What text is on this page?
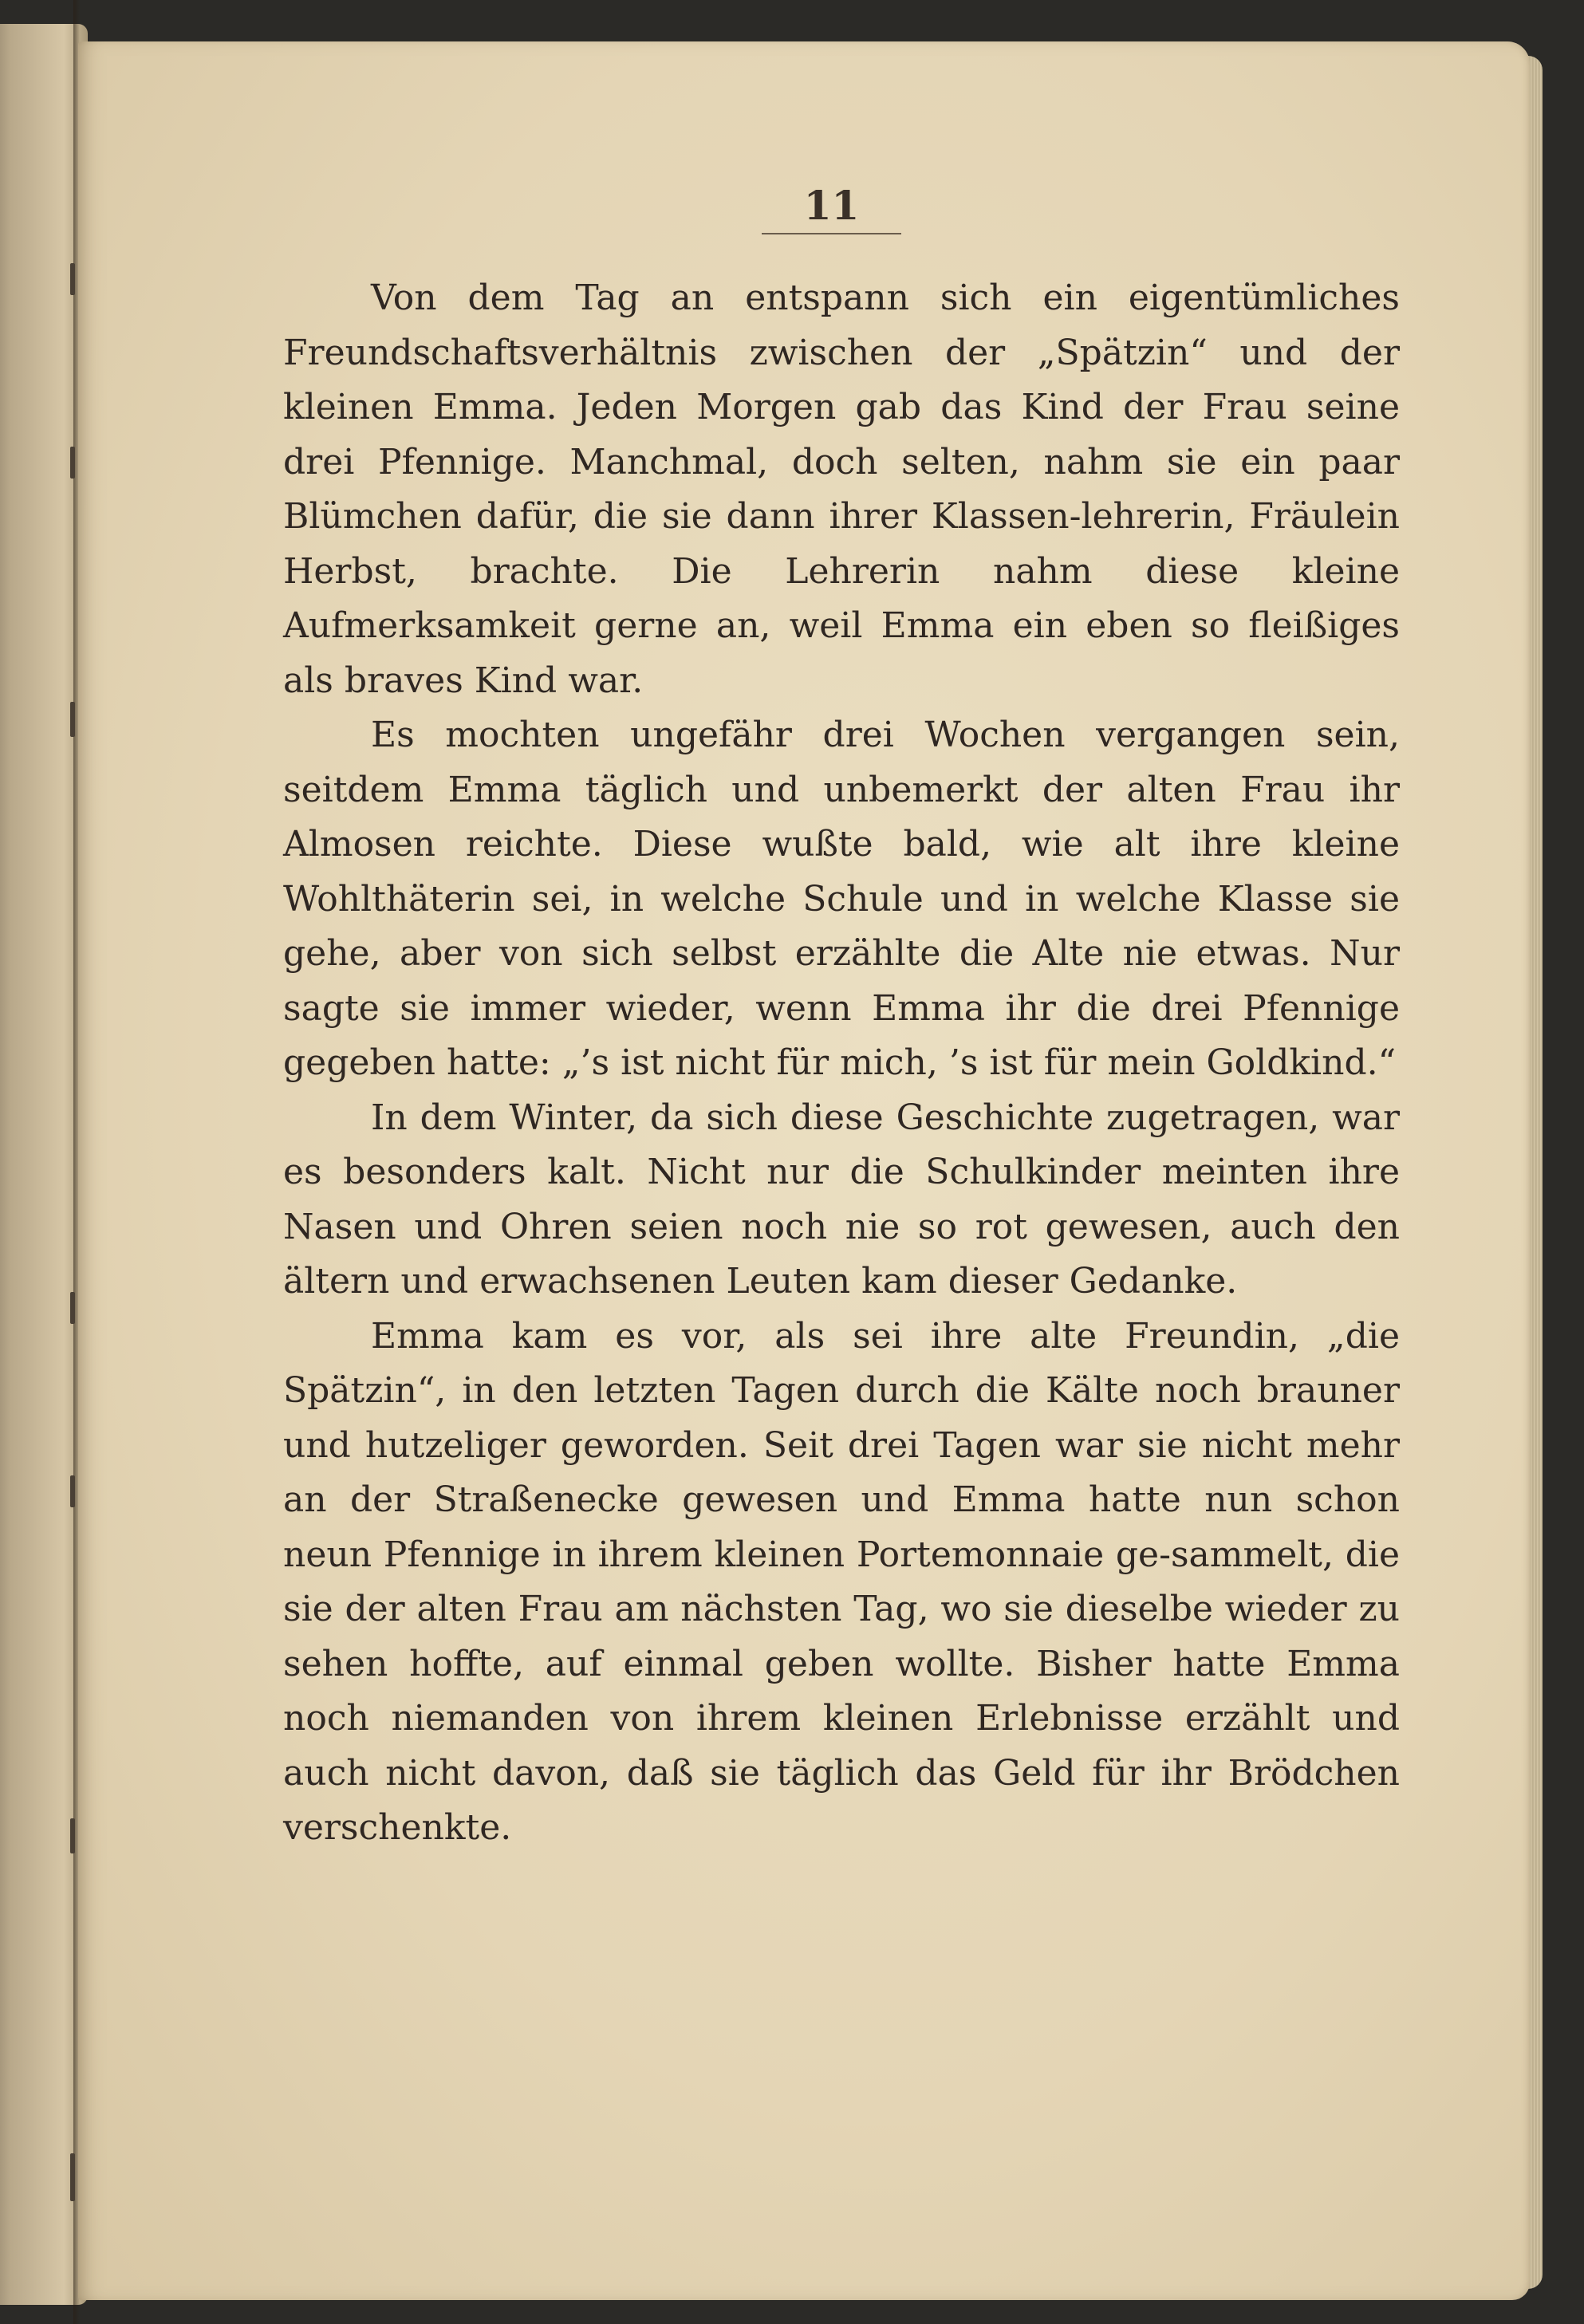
11

Von dem Tag an entspann sich ein eigentümliches Freundschaftsverhältnis zwischen der „Spätzin“ und der kleinen Emma. Jeden Morgen gab das Kind der Frau seine drei Pfennige. Manchmal, doch selten, nahm sie ein paar Blümchen dafür, die sie dann ihrer Klassen-lehrerin, Fräulein Herbst, brachte. Die Lehrerin nahm diese kleine Aufmerksamkeit gerne an, weil Emma ein eben so fleißiges als braves Kind war.

Es mochten ungefähr drei Wochen vergangen sein, seitdem Emma täglich und unbemerkt der alten Frau ihr Almosen reichte. Diese wußte bald, wie alt ihre kleine Wohlthäterin sei, in welche Schule und in welche Klasse sie gehe, aber von sich selbst erzählte die Alte nie etwas. Nur sagte sie immer wieder, wenn Emma ihr die drei Pfennige gegeben hatte: „’s ist nicht für mich, ’s ist für mein Goldkind.“

In dem Winter, da sich diese Geschichte zugetragen, war es besonders kalt. Nicht nur die Schulkinder meinten ihre Nasen und Ohren seien noch nie so rot gewesen, auch den ältern und erwachsenen Leuten kam dieser Gedanke.

Emma kam es vor, als sei ihre alte Freundin, „die Spätzin“, in den letzten Tagen durch die Kälte noch brauner und hutzeliger geworden. Seit drei Tagen war sie nicht mehr an der Straßenecke gewesen und Emma hatte nun schon neun Pfennige in ihrem kleinen Portemonnaie ge-sammelt, die sie der alten Frau am nächsten Tag, wo sie dieselbe wieder zu sehen hoffte, auf einmal geben wollte. Bisher hatte Emma noch niemanden von ihrem kleinen Erlebnisse erzählt und auch nicht davon, daß sie täglich das Geld für ihr Brödchen verschenkte.
